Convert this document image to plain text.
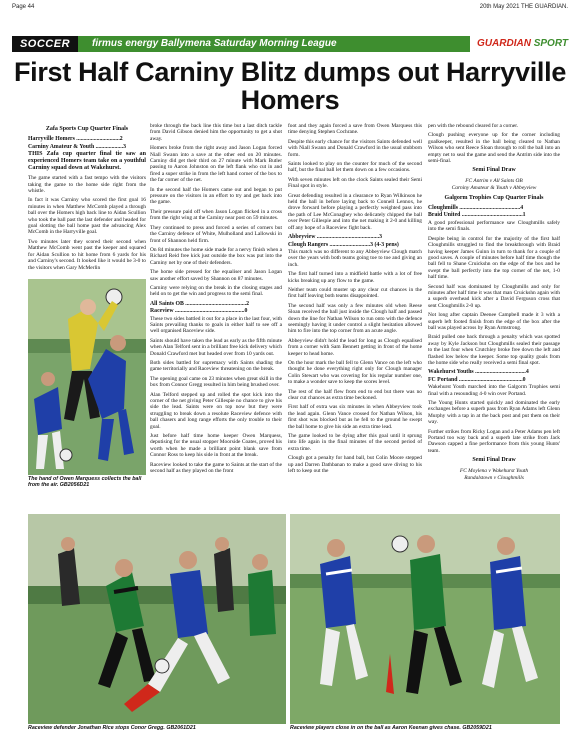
Page 44	20th May 2021 THE GUARDIAN.
SOCCER	firmus energy Ballymena Saturday Morning League	GUARDIAN SPORT
First Half Carniny Blitz dumps out Harryville Homers

Zafa Sports Cup Quarter Finals

Harryville Homers ..............................2

Carniny Amateur & Youth ...................3

THIS Zafa cup quarter final tie saw an experienced Homers team take on a youthful Carniny squad down at Wakehurst.

The game started with a fast tempo with the visitors taking the game to the home side right from the whistle.

In fact it was Carniny who scored the first goal 16 minutes in when Matthew McComb played a through ball over the Homers high back line to Aidan Scullion who took the ball past the last defender and headed for goal slotting the ball home past the advancing Alex McComb in the Harryville goal.

Two minutes later they scored their second when Matthew McComb went past the keeper and squared for Aidan Scullion to hit home from 6 yards for his and Carniny's second. It looked like it would be 3-0 to the visitors when Gary McMerlin

The hand of Owen Marquess collects the ball from the air. GB2056D21

broke through the back line this time but a last ditch tackle from David Gibson denied him the opportunity to get a shot away.

Homers broke from the right away and Jason Logan forced Niall Swann into a save at the other end on 20 minutes. Carniny did get their third on 27 minute with Mark Butler passing to Aaron Johnston on the left flank who cut in and fired a super strike in from the left hand corner of the box to the far corner of the net.

In the second half the Homers came out and began to put pressure on the visitors in an effort to try and get back into the game.

Their pressure paid off when Jason Logan flicked in a cross from the right wing at the Carniny near post on 59 minutes.

They continued to press and forced a series of corners but the Carniny defence of White, Mulholland and Lallowski in front of Shannon held firm.

On 84 minutes the home side made for a nervy finish when a Richard Reid free kick just outside the box was put into the Carniny net by one of their defenders.

The home side pressed for the equaliser and Jason Logan saw another effort saved by Shannon on 87 minutes.

Carniny were relying on the break in the closing stages and held on to get the win and progress to the semi final.

All Saints OB ..........................................2

Raceview ................................................0

These two sides battled it out for a place in the last four, with Saints prevailing thanks to goals in either half to see off a well organised Raceview side.

Saints should have taken the lead as early as the fifth minute when Alan Telford sent in a brilliant free kick delivery which Donald Crawford met but headed over from 10 yards out.

Both sides battled for supremacy with Saints shading the game territorially and Raceview threatening on the break.

The opening goal came on 23 minutes when great skill in the box from Connor Gregg resulted in him being brushed over.

Alan Telford stepped up and rolled the spot kick into the corner of the net giving Peter Gillespie no chance to give his side the lead. Saints were on top now but they were struggling to break down a resolute Raceview defence with ball chasers and long range efforts the only trouble to their goal.

Just before half time home keeper Owen Marquess, deputising for the usual stopper Moorside Coates, proved his worth when he made a brilliant point blank save from Connor Ross to keep his side in front at the break.

Raceview looked to take the game to Saints at the start of the second half as they played on the front

foot and they again forced a save from Owen Marquess this time denying Stephen Cochrane.

Despite this early chance for the visitors Saints defended well with Niall Swann and Donald Crawford in the usual stubborn form.

Saints looked to play on the counter for much of the second half, but the final ball let them down on a few occasions.

With seven minutes left on the clock Saints sealed their Semi Final spot in style.

Great defending resulted in a clearance to Ryan Wilkinson he held the ball in before laying back to Connell Lennox, he drove forward before playing a perfectly weighted pass into the path of Lee McConaghey who delicately chipped the ball over Peter Gillespie and into the net making it 2-0 and killing off any hope of a Raceview fight back.

Abbeyview ...........................................3

Clough Rangers ............................3 (4-3 pens)

This match was no different to any Abbeyview Clough match over the years with both teams going toe to toe and giving an inch.

The first half turned into a midfield battle with a lot of free kicks breaking up any flow to the game.

Neither team could muster up any clear cut chances in the first half leaving both teams disappointed.

The second half was only a few minutes old when Reese Sloan received the ball just inside the Clough half and passed down the line for Nathan Wilson to run onto with the defence seemingly having it under control a slight hesitation allowed him to fire into the top corner from an acute angle.

Abbeyview didn't hold the lead for long as Clough equalised from a corner with Sam Bennett getting in front of the home keeper to head home.

On the hour mark the ball fell to Glenn Vance on the left who thought he done everything right only for Clough manager Colin Stewart who was covering for his regular number one, to make a wonder save to keep the scores level.

The rest of the half flew from end to end but there was no clear cut chances as extra time beckoned.

First half of extra was six minutes in when Abbeyview took the lead again. Glenn Vance crossed for Nathan Wilson, his first shot was blocked but as he fell to the ground he swept the ball home to give his side an extra time lead.

The game looked to be dying after this goal until it sprung into life again in the final minutes of the second period of extra time.

Clough got a penalty for hand ball, but Colin Moore stepped up and Darren Dathbanan to make a good save diving to his left to keep out the

pen with the rebound cleared for a corner.

Clough pushing everyone up for the corner including goalkeeper, resulted in the ball being cleared to Nathan Wilson who sent Reece Sloan through to roll the ball into an empty net to seal the game and send the Antrim side into the semi-final.

Semi Final Draw

FC Antrim v All Saints OB

Carniny Amateur & Youth v Abbeyview

Galgorm Trophies Cup Quarter Finals

Cloughmills ..........................................4

Braid United ..........................................1

A good professional performance saw Cloughmills safely into the semi finals.

Despite being in control for the majority of the first half Cloughmills struggled to find the breakthrough with Braid having keeper James Guinn in turn to thank for a couple of good saves. A couple of minutes before half time though the ball fell to Shane Cruickshn on the edge of the box and he swept the ball perfectly into the top corner of the net, 1-0 half time.

Second half was dominated by Cloughmills and only for minutes after half time it was that man Cruickshn again with a superb overhead kick after a David Ferguson cross that sent Cloughmills 2-0 up.

Not long after captain Deenee Campbell made it 3 with a superb left footed finish from the edge of the box after the ball was played across by Ryan Armstrong.

Braid pulled one back through a penalty which was spotted away by Kyle Jackson but Cloughmills sealed their passage to the last four when Crutchley broke free down the left and flashed low below the keeper. Some top quality goals from the home side who really received a semi final spot.

Wakehurst Youths ...................................4

FC Portand ............................................0

Wakehurst Youth marched into the Galgorm Trophies semi final with a resounding 4-0 win over Portand.

The Young Hunts started quickly and dominated the early exchanges before a superb pass from Ryan Adams left Glenn Murphy with a tap in at the back post and put them on their way.

Further strikes from Ricky Logan and a Peter Adams pen left Portand too way back and a superb late strike from Jack Dawson capped a fine performance from this young Hunts' team.

Semi Final Draw

FC Moylena v Wakehurst Youth

Randalstown v Cloughmills

Raceview defender Jonathan Rice stops Conor Gregg. GB2061D21	Raceview players close in on the ball as Aaron Keenan gives chase. GB2059D21
